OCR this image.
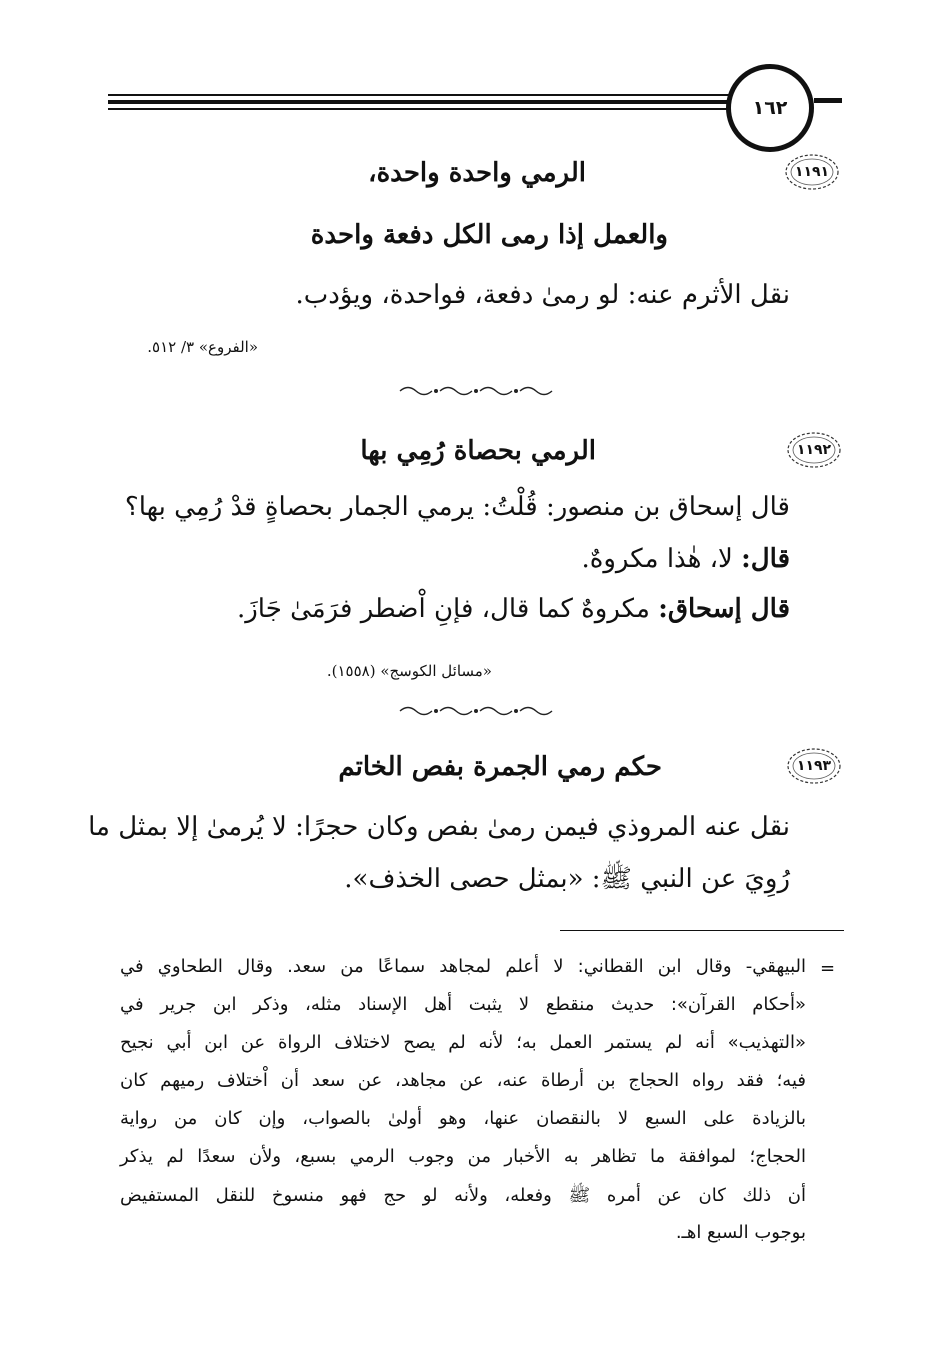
١٦٢
١١٩١
الرمي واحدة واحدة،
والعمل إذا رمى الكل دفعة واحدة
نقل الأثرم عنه: لو رمىٰ دفعة، فواحدة، ويؤدب.
«الفروع» ٣/ ٥١٢.
١١٩٢
الرمي بحصاة رُمِي بها
قال إسحاق بن منصور: قُلْتُ: يرمي الجمار بحصاةٍ قدْ رُمِي بها؟
قال: لا، هٰذا مكروهٌ.
قال إسحاق: مكروهٌ كما قال، فإنِ اْضطر فرَمَىٰ جَازَ.
«مسائل الكوسج» (١٥٥٨).
١١٩٣
حكم رمي الجمرة بفص الخاتم
نقل عنه المروذي فيمن رمىٰ بفص وكان حجرًا: لا يُرمىٰ إلا بمثل ما
رُوِيَ عن النبي ﷺ: «بمثل حصى الخذف».
=
البيهقي- وقال ابن القطاني: لا أعلم لمجاهد سماعًا من سعد. وقال الطحاوي في
«أحكام القرآن»: حديث منقطع لا يثبت أهل الإسناد مثله، وذكر ابن جرير في
«التهذيب» أنه لم يستمر العمل به؛ لأنه لم يصح لاختلاف الرواة عن ابن أبي نجيح
فيه؛ فقد رواه الحجاج بن أرطاة عنه، عن مجاهد، عن سعد أن اْختلاف رميهم كان
بالزيادة على السبع لا بالنقصان عنها، وهو أولىٰ بالصواب، وإن كان من رواية
الحجاج؛ لموافقة ما تظاهر به الأخبار من وجوب الرمي بسبع، ولأن سعدًا لم يذكر
أن ذلك كان عن أمره ﷺ وفعله، ولأنه لو حج فهو منسوخ للنقل المستفيض
بوجوب السبع اهـ.
